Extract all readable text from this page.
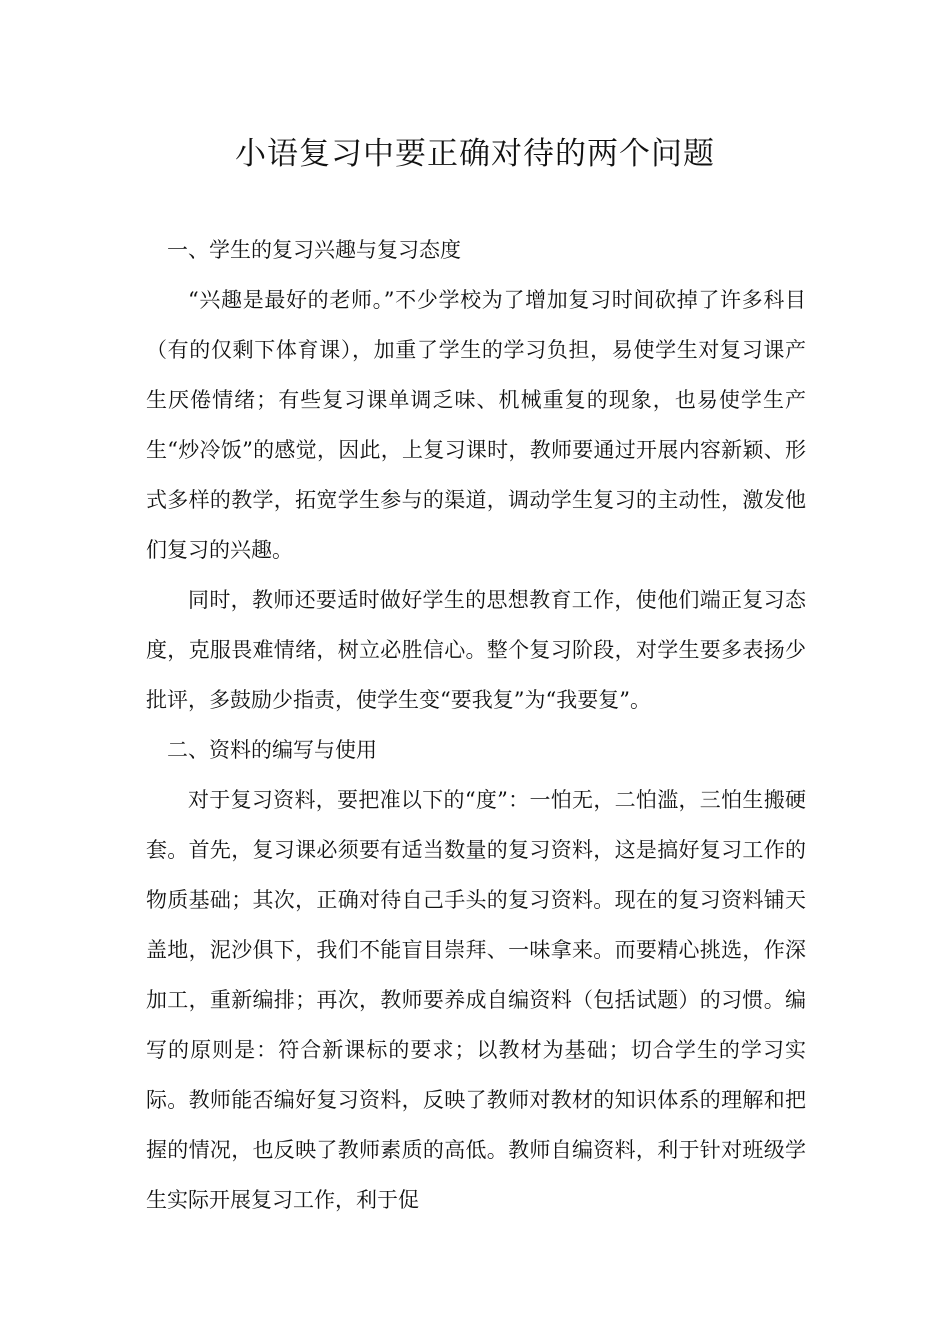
小语复习中要正确对待的两个问题

一、学生的复习兴趣与复习态度

“兴趣是最好的老师。”不少学校为了增加复习时间砍掉了许多科目（有的仅剩下体育课），加重了学生的学习负担，易使学生对复习课产生厌倦情绪；有些复习课单调乏味、机械重复的现象，也易使学生产生“炒冷饭”的感觉，因此，上复习课时，教师要通过开展内容新颖、形式多样的教学，拓宽学生参与的渠道，调动学生复习的主动性，激发他们复习的兴趣。

同时，教师还要适时做好学生的思想教育工作，使他们端正复习态度，克服畏难情绪，树立必胜信心。整个复习阶段，对学生要多表扬少批评，多鼓励少指责，使学生变“要我复”为“我要复”。

二、资料的编写与使用

对于复习资料，要把准以下的“度”：一怕无，二怕滥，三怕生搬硬套。首先，复习课必须要有适当数量的复习资料，这是搞好复习工作的物质基础；其次，正确对待自己手头的复习资料。现在的复习资料铺天盖地，泥沙俱下，我们不能盲目崇拜、一味拿来。而要精心挑选，作深加工，重新编排；再次，教师要养成自编资料（包括试题）的习惯。编写的原则是：符合新课标的要求；以教材为基础；切合学生的学习实际。教师能否编好复习资料，反映了教师对教材的知识体系的理解和把握的情况，也反映了教师素质的高低。教师自编资料，利于针对班级学生实际开展复习工作，利于促
